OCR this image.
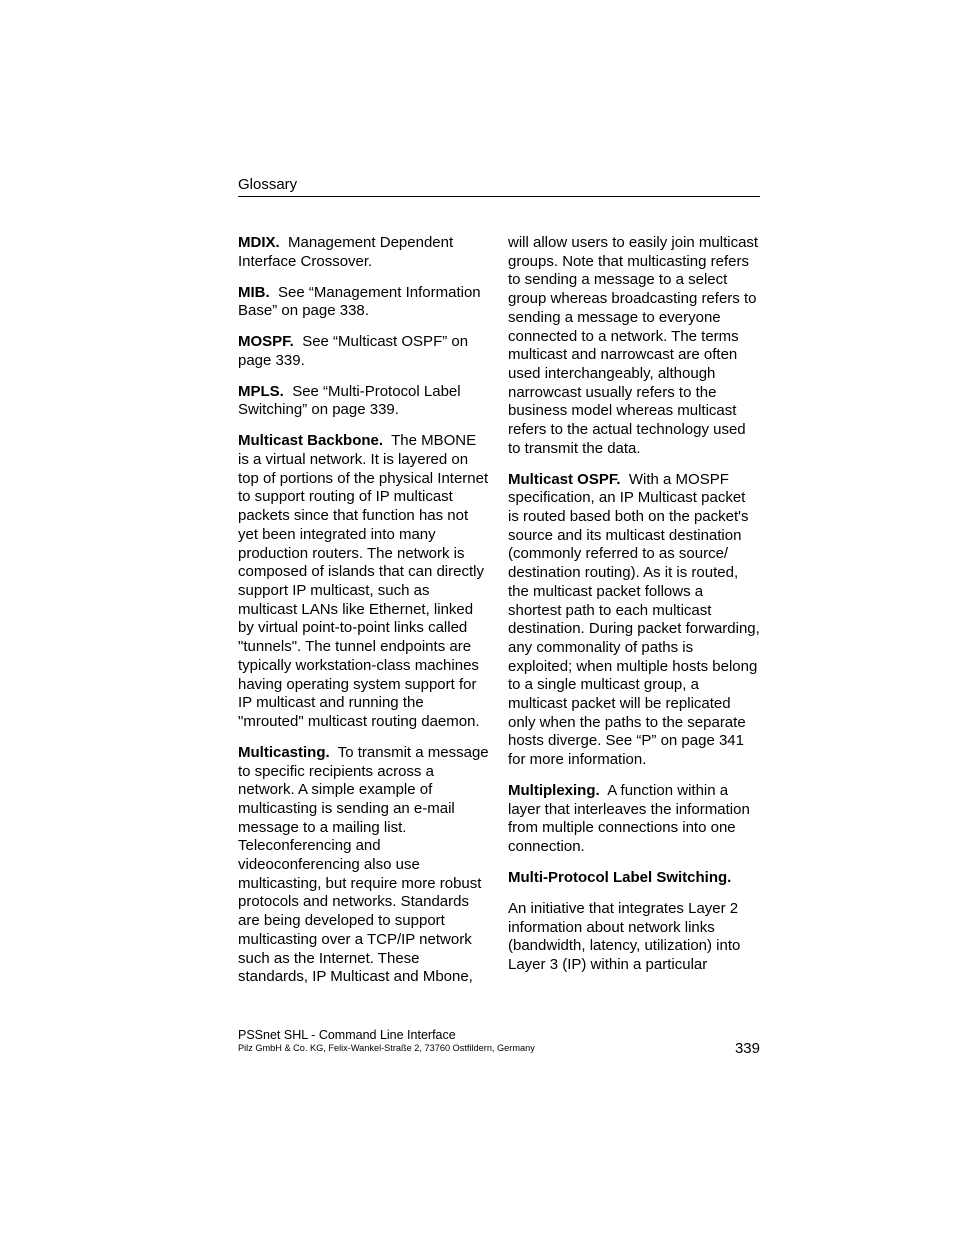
Glossary

MDIX. Management Dependent Interface Crossover.

MIB. See “Management Information Base” on page 338.

MOSPF. See “Multicast OSPF” on page 339.

MPLS. See “Multi-Protocol Label Switching” on page 339.

Multicast Backbone. The MBONE is a virtual network. It is layered on top of portions of the physical Internet to support routing of IP multicast packets since that function has not yet been integrated into many production routers. The network is composed of islands that can directly support IP multicast, such as multicast LANs like Ethernet, linked by virtual point-to-point links called "tunnels". The tunnel endpoints are typically workstation-class machines having operating system support for IP multicast and running the "mrouted" multicast routing daemon.

Multicasting. To transmit a message to specific recipients across a network. A simple example of multicasting is sending an e-mail message to a mailing list. Teleconferencing and videoconferencing also use multicasting, but require more robust protocols and networks. Standards are being developed to support multicasting over a TCP/IP network such as the Internet. These standards, IP Multicast and Mbone,

will allow users to easily join multicast groups. Note that multicasting refers to sending a message to a select group whereas broadcasting refers to sending a message to everyone connected to a network. The terms multicast and narrowcast are often used interchangeably, although narrowcast usually refers to the business model whereas multicast refers to the actual technology used to transmit the data.

Multicast OSPF. With a MOSPF specification, an IP Multicast packet is routed based both on the packet's source and its multicast destination (commonly referred to as source/ destination routing). As it is routed, the multicast packet follows a shortest path to each multicast destination. During packet forwarding, any commonality of paths is exploited; when multiple hosts belong to a single multicast group, a multicast packet will be replicated only when the paths to the separate hosts diverge. See “P” on page 341 for more information.

Multiplexing. A function within a layer that interleaves the information from multiple connections into one connection.

Multi-Protocol Label Switching.

An initiative that integrates Layer 2 information about network links (bandwidth, latency, utilization) into Layer 3 (IP) within a particular

PSSnet SHL - Command Line Interface
Pilz GmbH & Co. KG, Felix-Wankel-Straße 2, 73760 Ostfildern, Germany	339
